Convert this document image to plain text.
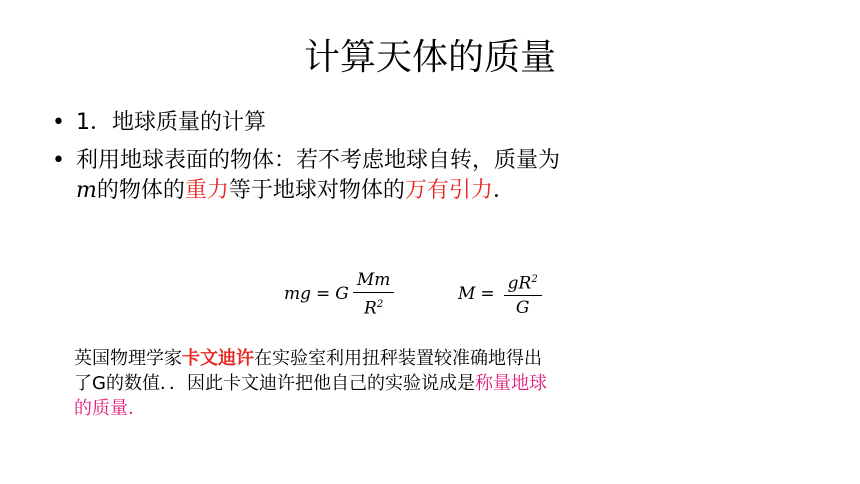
计算天体的质量
• 1．地球质量的计算
• 利用地球表面的物体：若不考虑地球自转，质量为m的物体的重力等于地球对物体的万有引力．
mg = G $\frac{Mm}{R^2}$	$M = \frac{gR^2}{G}$
英国物理学家卡文迪许在实验室利用扭秤装置较准确地得出了G的数值．．因此卡文迪许把他自己的实验说成是称量地球的质量.
